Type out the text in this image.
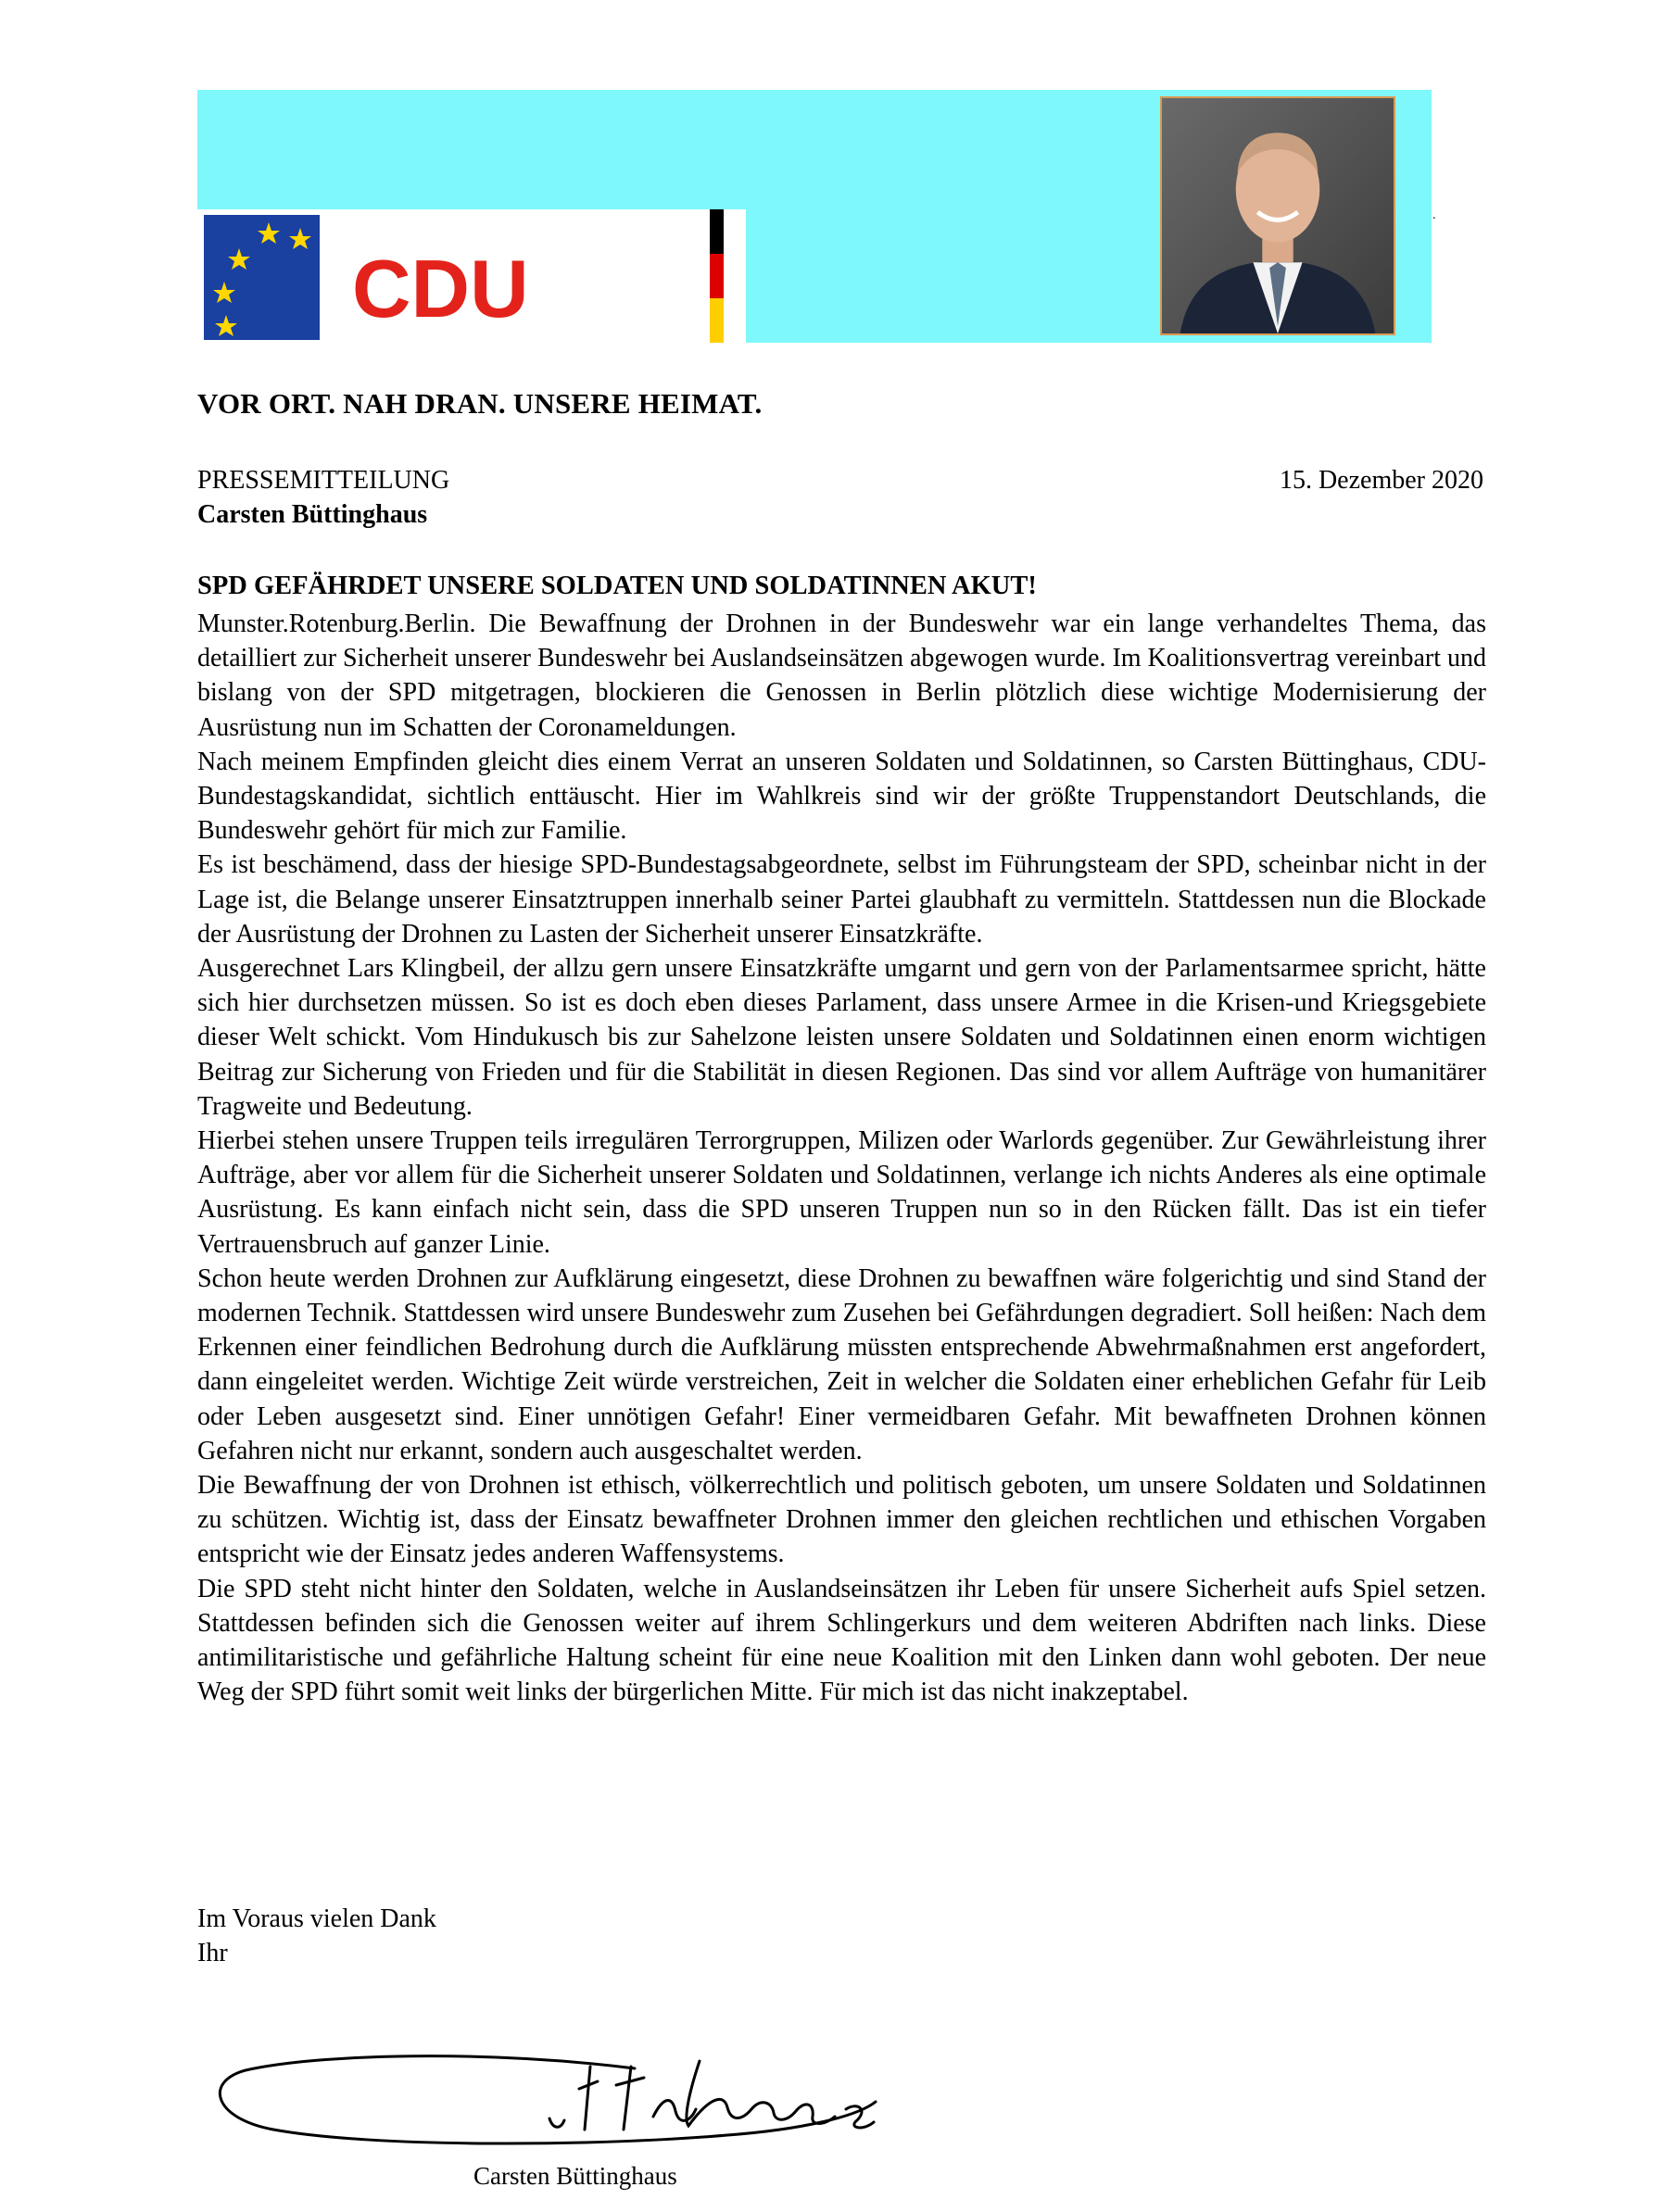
CDU
.
VOR ORT. NAH DRAN. UNSERE HEIMAT.
PRESSEMITTEILUNG	15. Dezember 2020
Carsten Büttinghaus
SPD GEFÄHRDET UNSERE SOLDATEN UND SOLDATINNEN AKUT!

Munster.Rotenburg.Berlin. Die Bewaffnung der Drohnen in der Bundeswehr war ein lange verhandeltes Thema, das detailliert zur Sicherheit unserer Bundeswehr bei Auslandseinsätzen abgewogen wurde. Im Koalitionsvertrag vereinbart und bislang von der SPD mitgetragen, blockieren die Genossen in Berlin plötzlich diese wichtige Modernisierung der Ausrüstung nun im Schatten der Coronameldungen.

Nach meinem Empfinden gleicht dies einem Verrat an unseren Soldaten und Soldatinnen, so Carsten Büttinghaus, CDU-Bundestagskandidat, sichtlich enttäuscht. Hier im Wahlkreis sind wir der größte Truppenstandort Deutschlands, die Bundeswehr gehört für mich zur Familie.

Es ist beschämend, dass der hiesige SPD-Bundestagsabgeordnete, selbst im Führungsteam der SPD, scheinbar nicht in der Lage ist, die Belange unserer Einsatztruppen innerhalb seiner Partei glaubhaft zu vermitteln. Stattdessen nun die Blockade der Ausrüstung der Drohnen zu Lasten der Sicherheit unserer Einsatzkräfte.

Ausgerechnet Lars Klingbeil, der allzu gern unsere Einsatzkräfte umgarnt und gern von der Parlamentsarmee spricht, hätte sich hier durchsetzen müssen. So ist es doch eben dieses Parlament, dass unsere Armee in die Krisen-und Kriegsgebiete dieser Welt schickt. Vom Hindukusch bis zur Sahelzone leisten unsere Soldaten und Soldatinnen einen enorm wichtigen Beitrag zur Sicherung von Frieden und für die Stabilität in diesen Regionen. Das sind vor allem Aufträge von humanitärer Tragweite und Bedeutung.

Hierbei stehen unsere Truppen teils irregulären Terrorgruppen, Milizen oder Warlords gegenüber. Zur Gewährleistung ihrer Aufträge, aber vor allem für die Sicherheit unserer Soldaten und Soldatinnen, verlange ich nichts Anderes als eine optimale Ausrüstung. Es kann einfach nicht sein, dass die SPD unseren Truppen nun so in den Rücken fällt. Das ist ein tiefer Vertrauensbruch auf ganzer Linie.

Schon heute werden Drohnen zur Aufklärung eingesetzt, diese Drohnen zu bewaffnen wäre folgerichtig und sind Stand der modernen Technik. Stattdessen wird unsere Bundeswehr zum Zusehen bei Gefährdungen degradiert. Soll heißen: Nach dem Erkennen einer feindlichen Bedrohung durch die Aufklärung müssten entsprechende Abwehrmaßnahmen erst angefordert, dann eingeleitet werden. Wichtige Zeit würde verstreichen, Zeit in welcher die Soldaten einer erheblichen Gefahr für Leib oder Leben ausgesetzt sind. Einer unnötigen Gefahr! Einer vermeidbaren Gefahr. Mit bewaffneten Drohnen können Gefahren nicht nur erkannt, sondern auch ausgeschaltet werden.

Die Bewaffnung der von Drohnen ist ethisch, völkerrechtlich und politisch geboten, um unsere Soldaten und Soldatinnen zu schützen. Wichtig ist, dass der Einsatz bewaffneter Drohnen immer den gleichen rechtlichen und ethischen Vorgaben entspricht wie der Einsatz jedes anderen Waffensystems.

Die SPD steht nicht hinter den Soldaten, welche in Auslandseinsätzen ihr Leben für unsere Sicherheit aufs Spiel setzen. Stattdessen befinden sich die Genossen weiter auf ihrem Schlingerkurs und dem weiteren Abdriften nach links. Diese antimilitaristische und gefährliche Haltung scheint für eine neue Koalition mit den Linken dann wohl geboten. Der neue Weg der SPD führt somit weit links der bürgerlichen Mitte. Für mich ist das nicht inakzeptabel.

Im Voraus vielen Dank

Ihr

Carsten Büttinghaus
